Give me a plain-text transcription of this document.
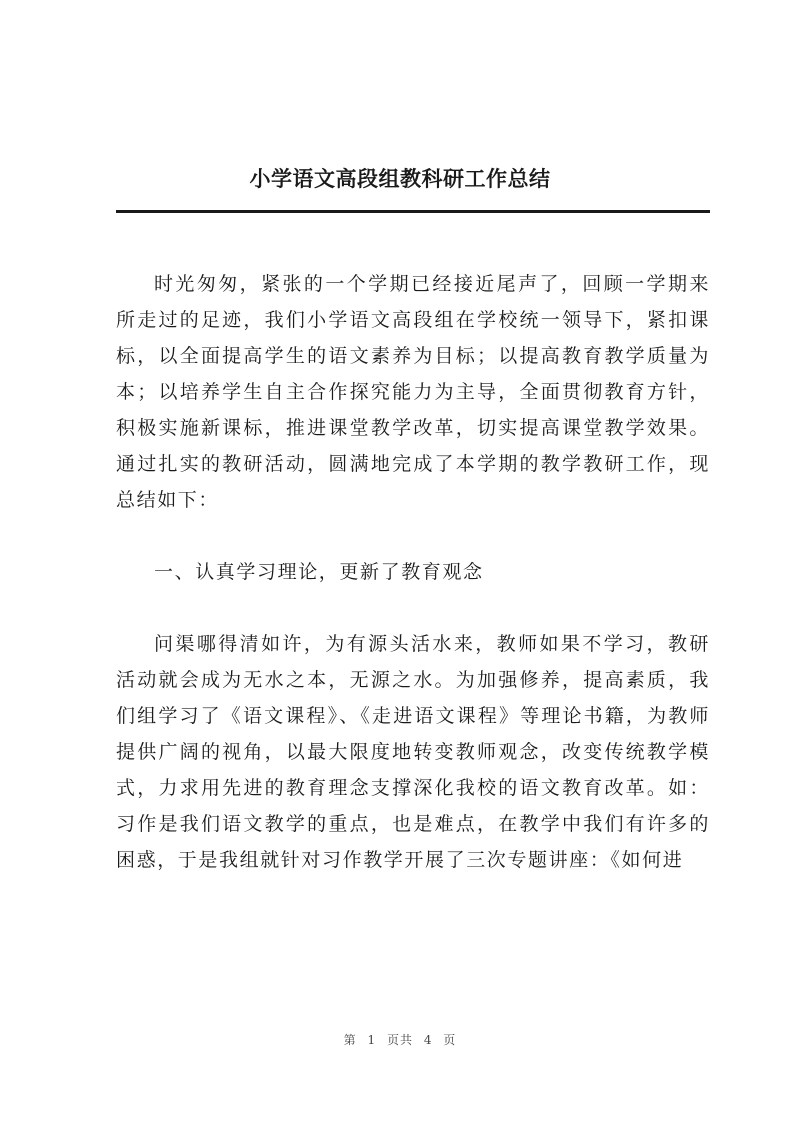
小学语文高段组教科研工作总结

时光匆匆，紧张的一个学期已经接近尾声了，回顾一学期来所走过的足迹，我们小学语文高段组在学校统一领导下，紧扣课标，以全面提高学生的语文素养为目标；以提高教育教学质量为本；以培养学生自主合作探究能力为主导，全面贯彻教育方针，积极实施新课标，推进课堂教学改革，切实提高课堂教学效果。通过扎实的教研活动，圆满地完成了本学期的教学教研工作，现总结如下：

一、认真学习理论，更新了教育观念

问渠哪得清如许，为有源头活水来，教师如果不学习，教研活动就会成为无水之本，无源之水。为加强修养，提高素质，我们组学习了《语文课程》、《走进语文课程》等理论书籍，为教师提供广阔的视角，以最大限度地转变教师观念，改变传统教学模式，力求用先进的教育理念支撑深化我校的语文教育改革。如：习作是我们语文教学的重点，也是难点，在教学中我们有许多的困惑，于是我组就针对习作教学开展了三次专题讲座：《如何进

第 1 页共 4 页
